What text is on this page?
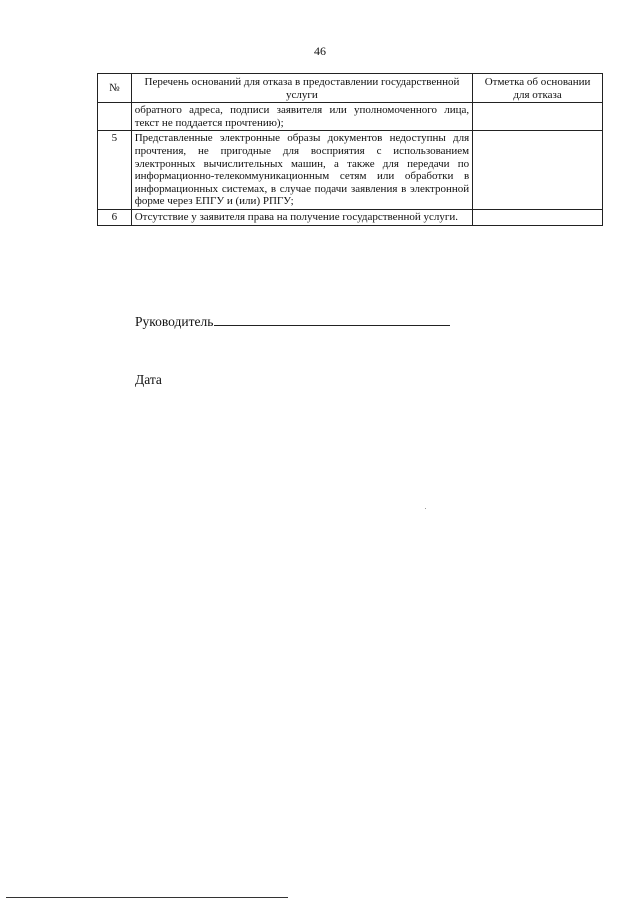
46
№	Перечень оснований для отказа в предоставлении государственной услуги	Отметка об основании для отказа
	обратного адреса, подписи заявителя или уполномоченного лица, текст не поддается прочтению);	
5	Представленные электронные образы документов недоступны для прочтения, не пригодные для восприятия с использованием электронных вычислительных машин, а также для передачи по информационно-телекоммуникационным сетям или обработки в информационных системах, в случае подачи заявления в электронной форме через ЕПГУ и (или) РПГУ;	
6	Отсутствие у заявителя права на получение государственной услуги.	
Руководитель
Дата
